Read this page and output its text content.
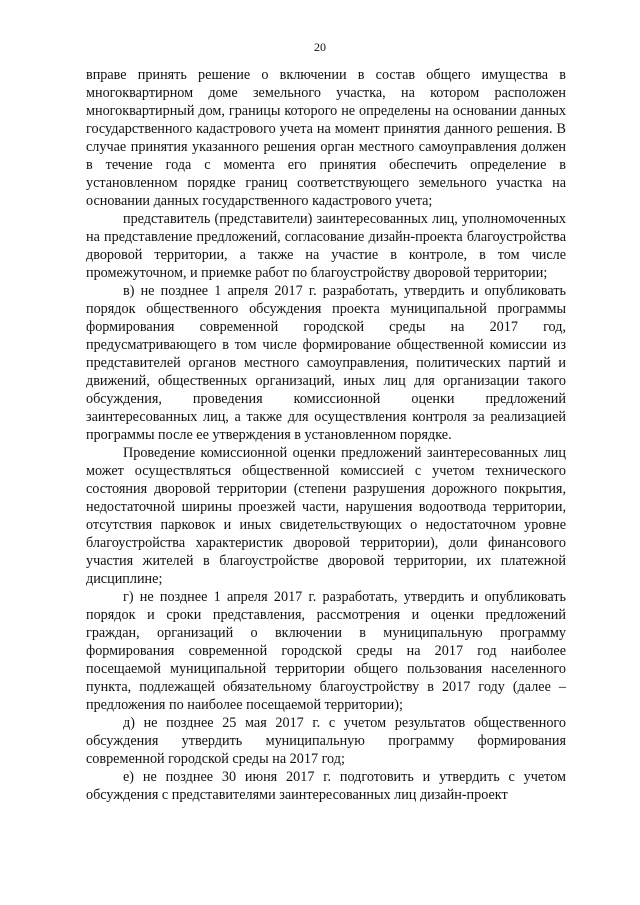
20

вправе принять решение о включении в состав общего имущества в многоквартирном доме земельного участка, на котором расположен многоквартирный дом, границы которого не определены на основании данных государственного кадастрового учета на момент принятия данного решения. В случае принятия указанного решения орган местного самоуправления должен в течение года с момента его принятия обеспечить определение в установленном порядке границ соответствующего земельного участка на основании данных государственного кадастрового учета;

представитель (представители) заинтересованных лиц, уполномоченных на представление предложений, согласование дизайн-проекта благоустройства дворовой территории, а также на участие в контроле, в том числе промежуточном, и приемке работ по благоустройству дворовой территории;

в) не позднее 1 апреля 2017 г. разработать, утвердить и опубликовать порядок общественного обсуждения проекта муниципальной программы формирования современной городской среды на 2017 год, предусматривающего в том числе формирование общественной комиссии из представителей органов местного самоуправления, политических партий и движений, общественных организаций, иных лиц для организации такого обсуждения, проведения комиссионной оценки предложений заинтересованных лиц, а также для осуществления контроля за реализацией программы после ее утверждения в установленном порядке.

Проведение комиссионной оценки предложений заинтересованных лиц может осуществляться общественной комиссией с учетом технического состояния дворовой территории (степени разрушения дорожного покрытия, недостаточной ширины проезжей части, нарушения водоотвода территории, отсутствия парковок и иных свидетельствующих о недостаточном уровне благоустройства характеристик дворовой территории), доли финансового участия жителей в благоустройстве дворовой территории, их платежной дисциплине;

г) не позднее 1 апреля 2017 г. разработать, утвердить и опубликовать порядок и сроки представления, рассмотрения и оценки предложений граждан, организаций о включении в муниципальную программу формирования современной городской среды на 2017 год наиболее посещаемой муниципальной территории общего пользования населенного пункта, подлежащей обязательному благоустройству в 2017 году (далее – предложения по наиболее посещаемой территории);

д) не позднее 25 мая 2017 г. с учетом результатов общественного обсуждения утвердить муниципальную программу формирования современной городской среды на 2017 год;

е) не позднее 30 июня 2017 г. подготовить и утвердить с учетом обсуждения с представителями заинтересованных лиц дизайн-проект
